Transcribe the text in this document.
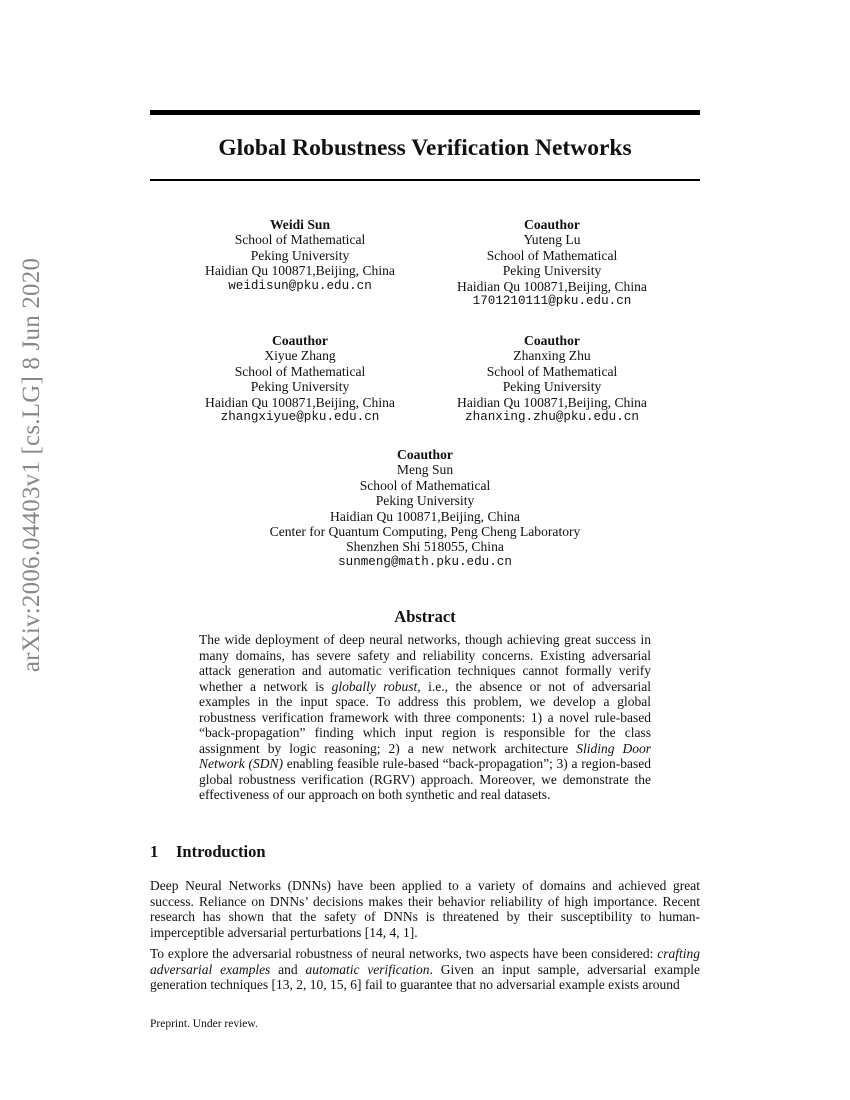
arXiv:2006.04403v1 [cs.LG] 8 Jun 2020
Global Robustness Verification Networks
Weidi Sun
School of Mathematical
Peking University
Haidian Qu 100871,Beijing, China
weidisun@pku.edu.cn
Coauthor
Yuteng Lu
School of Mathematical
Peking University
Haidian Qu 100871,Beijing, China
1701210111@pku.edu.cn
Coauthor
Xiyue Zhang
School of Mathematical
Peking University
Haidian Qu 100871,Beijing, China
zhangxiyue@pku.edu.cn
Coauthor
Zhanxing Zhu
School of Mathematical
Peking University
Haidian Qu 100871,Beijing, China
zhanxing.zhu@pku.edu.cn
Coauthor
Meng Sun
School of Mathematical
Peking University
Haidian Qu 100871,Beijing, China
Center for Quantum Computing, Peng Cheng Laboratory
Shenzhen Shi 518055, China
sunmeng@math.pku.edu.cn
Abstract
The wide deployment of deep neural networks, though achieving great success in many domains, has severe safety and reliability concerns. Existing adversarial attack generation and automatic verification techniques cannot formally verify whether a network is globally robust, i.e., the absence or not of adversarial examples in the input space. To address this problem, we develop a global robustness verification framework with three components: 1) a novel rule-based “back-propagation” finding which input region is responsible for the class assignment by logic reasoning; 2) a new network architecture Sliding Door Network (SDN) enabling feasible rule-based “back-propagation”; 3) a region-based global robustness verification (RGRV) approach. Moreover, we demonstrate the effectiveness of our approach on both synthetic and real datasets.
1 Introduction
Deep Neural Networks (DNNs) have been applied to a variety of domains and achieved great success. Reliance on DNNs’ decisions makes their behavior reliability of high importance. Recent research has shown that the safety of DNNs is threatened by their susceptibility to human-imperceptible adversarial perturbations [14, 4, 1].
To explore the adversarial robustness of neural networks, two aspects have been considered: crafting adversarial examples and automatic verification. Given an input sample, adversarial example generation techniques [13, 2, 10, 15, 6] fail to guarantee that no adversarial example exists around
Preprint. Under review.
